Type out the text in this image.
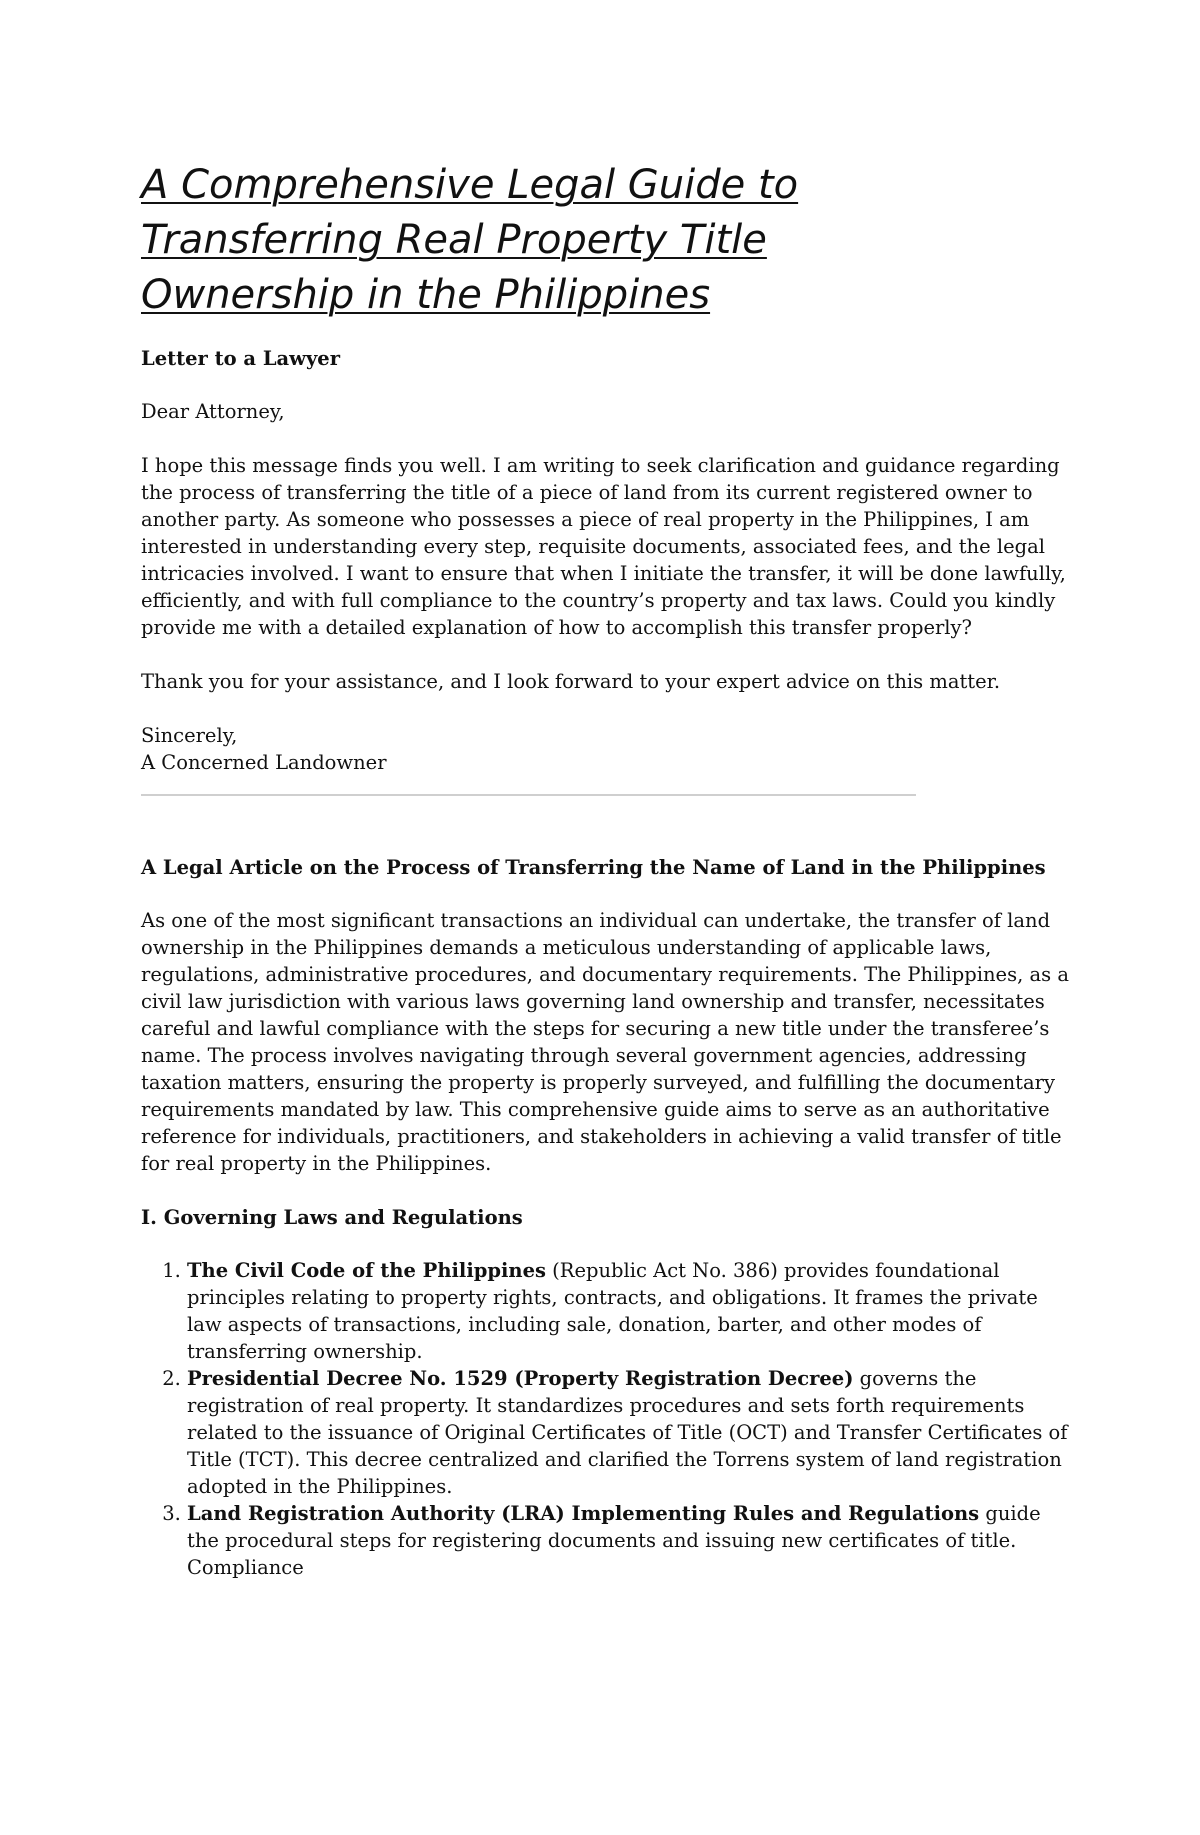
A Comprehensive Legal Guide to Transferring Real Property Title Ownership in the Philippines
Letter to a Lawyer

Dear Attorney,

I hope this message finds you well. I am writing to seek clarification and guidance regarding the process of transferring the title of a piece of land from its current registered owner to another party. As someone who possesses a piece of real property in the Philippines, I am interested in understanding every step, requisite documents, associated fees, and the legal intricacies involved. I want to ensure that when I initiate the transfer, it will be done lawfully, efficiently, and with full compliance to the country’s property and tax laws. Could you kindly provide me with a detailed explanation of how to accomplish this transfer properly?

Thank you for your assistance, and I look forward to your expert advice on this matter.

Sincerely,

A Concerned Landowner

A Legal Article on the Process of Transferring the Name of Land in the Philippines

As one of the most significant transactions an individual can undertake, the transfer of land ownership in the Philippines demands a meticulous understanding of applicable laws, regulations, administrative procedures, and documentary requirements. The Philippines, as a civil law jurisdiction with various laws governing land ownership and transfer, necessitates careful and lawful compliance with the steps for securing a new title under the transferee’s name. The process involves navigating through several government agencies, addressing taxation matters, ensuring the property is properly surveyed, and fulfilling the documentary requirements mandated by law. This comprehensive guide aims to serve as an authoritative reference for individuals, practitioners, and stakeholders in achieving a valid transfer of title for real property in the Philippines.

I. Governing Laws and Regulations
1. The Civil Code of the Philippines (Republic Act No. 386) provides foundational principles relating to property rights, contracts, and obligations. It frames the private law aspects of transactions, including sale, donation, barter, and other modes of transferring ownership.
2. Presidential Decree No. 1529 (Property Registration Decree) governs the registration of real property. It standardizes procedures and sets forth requirements related to the issuance of Original Certificates of Title (OCT) and Transfer Certificates of Title (TCT). This decree centralized and clarified the Torrens system of land registration adopted in the Philippines.
3. Land Registration Authority (LRA) Implementing Rules and Regulations guide the procedural steps for registering documents and issuing new certificates of title. Compliance
